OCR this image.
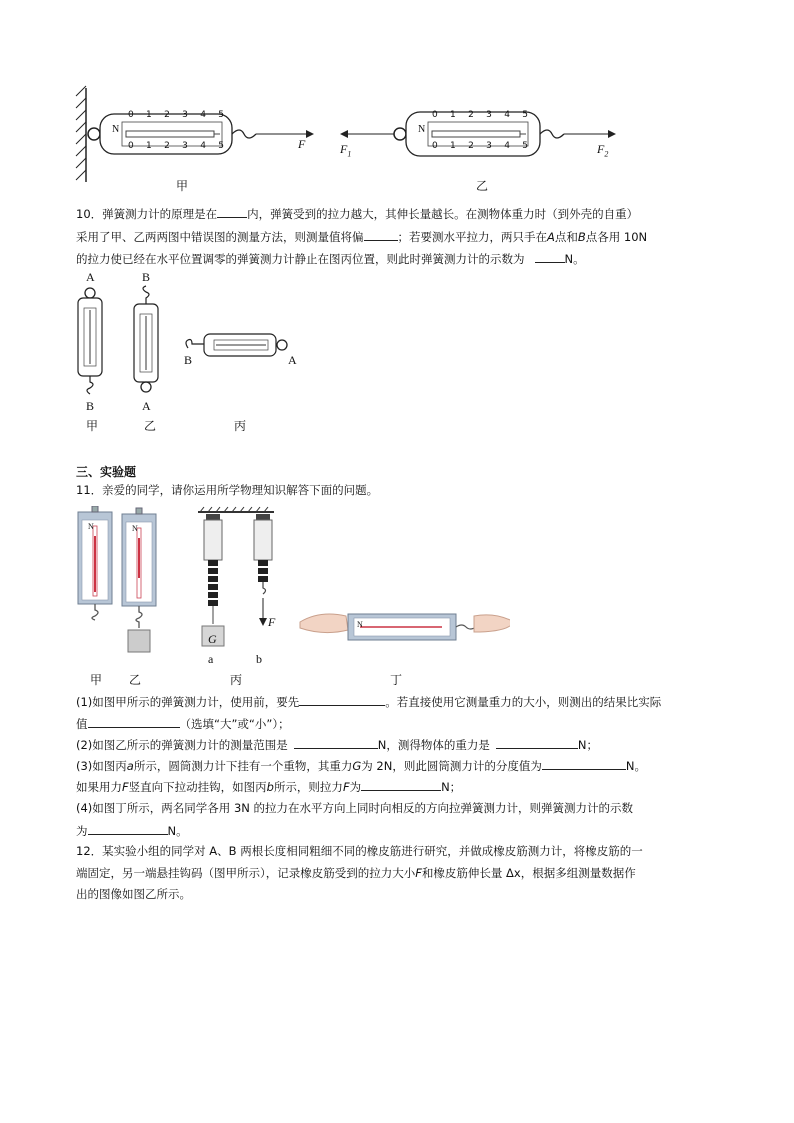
N	N
0 1 2 3 4 5
0 1 2 3 4 5
0 1 2 3 4 5
0 1 2 3 4 5
F	$F_1$	$F_2$
甲	乙
10．弹簧测力计的原理是在	内，弹簧受到的拉力越大，其伸长量越长。在测物体重力时（到外壳的自重）
采用了甲、乙两两图中错误图的测量方法，则测量值将偏	；若要测水平拉力，两只手在A点和B点各用 10N
的拉力使已经在水平位置调零的弹簧测力计静止在图丙位置，则此时弹簧测力计的示数为	N。
A
B
B
A
B	A
甲	乙	丙
三、实验题
11．亲爱的同学，请你运用所学物理知识解答下面的问题。
G
F
a	b
N	N
N
甲 乙	丙	丁
(1)如图甲所示的弹簧测力计，使用前，要先	。若直接使用它测量重力的大小，则测出的结果比实际
值	（选填“大”或“小”）；
(2)如图乙所示的弹簧测力计的测量范围是	N，测得物体的重力是	N；
(3)如图丙a所示，圆筒测力计下挂有一个重物，其重力G为 2N，则此圆筒测力计的分度值为	N。
如果用力F竖直向下拉动挂钩，如图丙b所示，则拉力F为	N；
(4)如图丁所示，两名同学各用 3N 的拉力在水平方向上同时向相反的方向拉弹簧测力计，则弹簧测力计的示数
为	N。
12．某实验小组的同学对 A、B 两根长度相同粗细不同的橡皮筋进行研究，并做成橡皮筋测力计，将橡皮筋的一
端固定，另一端悬挂钩码（图甲所示），记录橡皮筋受到的拉力大小F和橡皮筋伸长量 Δx，根据多组测量数据作
出的图像如图乙所示。
